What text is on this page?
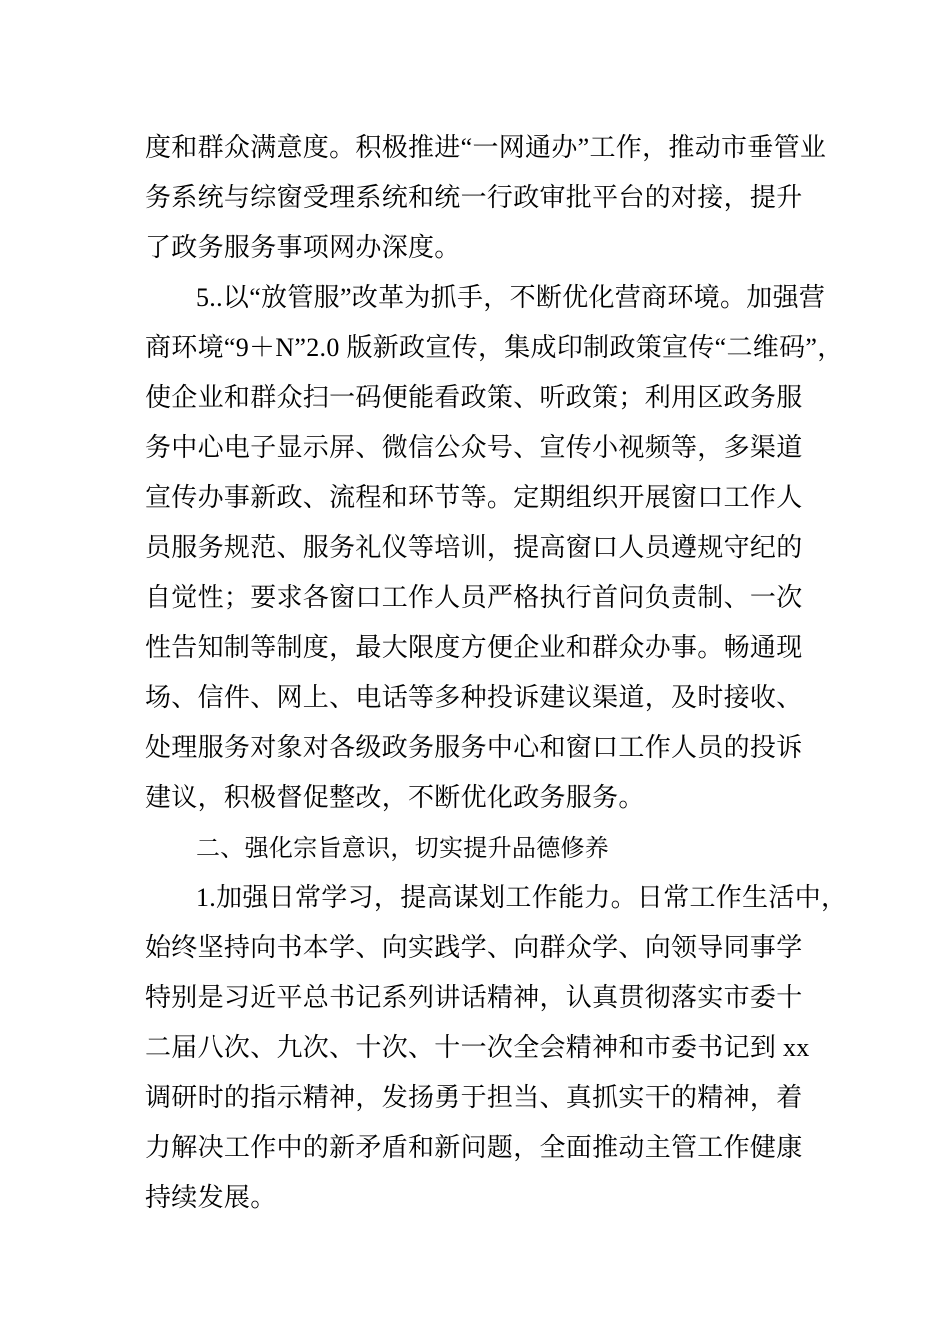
度和群众满意度。积极推进“一网通办”工作，推动市垂管业
务系统与综窗受理系统和统一行政审批平台的对接，提升
了政务服务事项网办深度。
5..以“放管服”改革为抓手，不断优化营商环境。加强营
商环境“9＋N”2.0 版新政宣传，集成印制政策宣传“二维码”，
使企业和群众扫一码便能看政策、听政策；利用区政务服
务中心电子显示屏、微信公众号、宣传小视频等，多渠道
宣传办事新政、流程和环节等。定期组织开展窗口工作人
员服务规范、服务礼仪等培训，提高窗口人员遵规守纪的
自觉性；要求各窗口工作人员严格执行首问负责制、一次
性告知制等制度，最大限度方便企业和群众办事。畅通现
场、信件、网上、电话等多种投诉建议渠道，及时接收、
处理服务对象对各级政务服务中心和窗口工作人员的投诉
建议，积极督促整改，不断优化政务服务。
二、强化宗旨意识，切实提升品德修养
1.加强日常学习，提高谋划工作能力。日常工作生活中，
始终坚持向书本学、向实践学、向群众学、向领导同事学
特别是习近平总书记系列讲话精神，认真贯彻落实市委十
二届八次、九次、十次、十一次全会精神和市委书记到 xx
调研时的指示精神，发扬勇于担当、真抓实干的精神，着
力解决工作中的新矛盾和新问题，全面推动主管工作健康
持续发展。
